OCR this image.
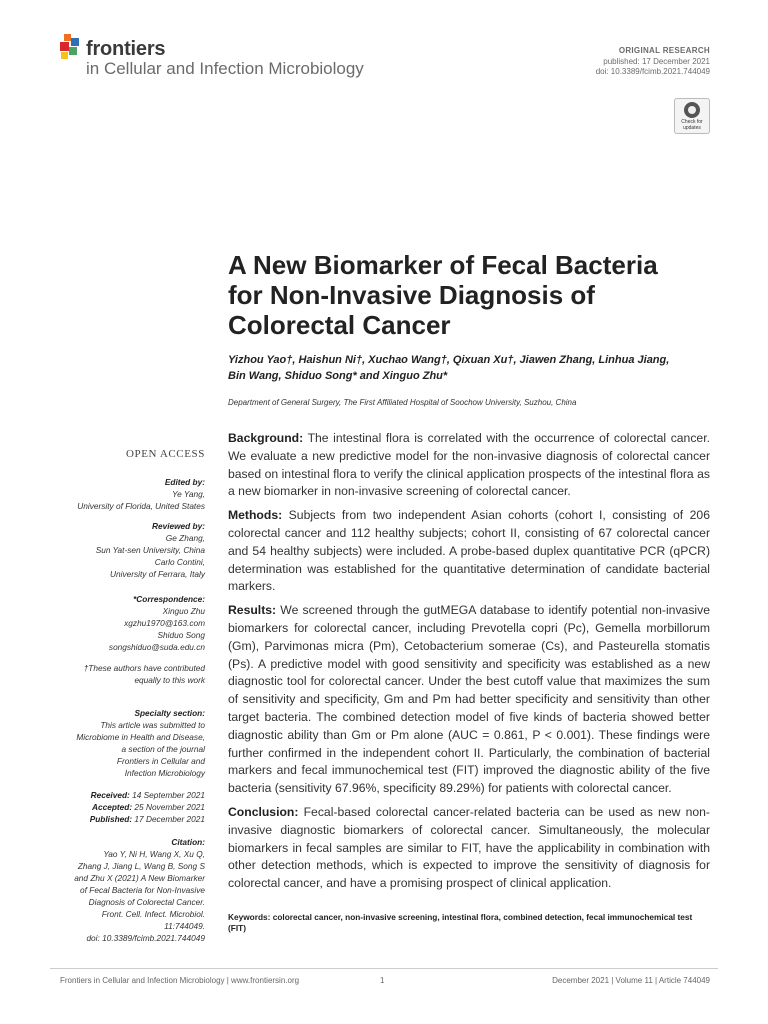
frontiers
in Cellular and Infection Microbiology
ORIGINAL RESEARCH
published: 17 December 2021
doi: 10.3389/fcimb.2021.744049
Check for updates
A New Biomarker of Fecal Bacteria for Non-Invasive Diagnosis of Colorectal Cancer
Yizhou Yao†, Haishun Ni†, Xuchao Wang†, Qixuan Xu†, Jiawen Zhang, Linhua Jiang,
Bin Wang, Shiduo Song* and Xinguo Zhu*
Department of General Surgery, The First Affiliated Hospital of Soochow University, Suzhou, China
OPEN ACCESS
Edited by:
Ye Yang,
University of Florida, United States
Reviewed by:
Ge Zhang,
Sun Yat-sen University, China
Carlo Contini,
University of Ferrara, Italy
*Correspondence:
Xinguo Zhu
xgzhu1970@163.com
Shiduo Song
songshiduo@suda.edu.cn
†These authors have contributed
equally to this work
Specialty section:
This article was submitted to
Microbiome in Health and Disease,
a section of the journal
Frontiers in Cellular and
Infection Microbiology
Received: 14 September 2021
Accepted: 25 November 2021
Published: 17 December 2021
Citation:
Yao Y, Ni H, Wang X, Xu Q,
Zhang J, Jiang L, Wang B, Song S
and Zhu X (2021) A New Biomarker
of Fecal Bacteria for Non-Invasive
Diagnosis of Colorectal Cancer.
Front. Cell. Infect. Microbiol. 11:744049.
doi: 10.3389/fcimb.2021.744049

Background: The intestinal flora is correlated with the occurrence of colorectal cancer. We evaluate a new predictive model for the non-invasive diagnosis of colorectal cancer based on intestinal flora to verify the clinical application prospects of the intestinal flora as a new biomarker in non-invasive screening of colorectal cancer.

Methods: Subjects from two independent Asian cohorts (cohort I, consisting of 206 colorectal cancer and 112 healthy subjects; cohort II, consisting of 67 colorectal cancer and 54 healthy subjects) were included. A probe-based duplex quantitative PCR (qPCR) determination was established for the quantitative determination of candidate bacterial markers.

Results: We screened through the gutMEGA database to identify potential non-invasive biomarkers for colorectal cancer, including Prevotella copri (Pc), Gemella morbillorum (Gm), Parvimonas micra (Pm), Cetobacterium somerae (Cs), and Pasteurella stomatis (Ps). A predictive model with good sensitivity and specificity was established as a new diagnostic tool for colorectal cancer. Under the best cutoff value that maximizes the sum of sensitivity and specificity, Gm and Pm had better specificity and sensitivity than other target bacteria. The combined detection model of five kinds of bacteria showed better diagnostic ability than Gm or Pm alone (AUC = 0.861, P < 0.001). These findings were further confirmed in the independent cohort II. Particularly, the combination of bacterial markers and fecal immunochemical test (FIT) improved the diagnostic ability of the five bacteria (sensitivity 67.96%, specificity 89.29%) for patients with colorectal cancer.

Conclusion: Fecal-based colorectal cancer-related bacteria can be used as new non-invasive diagnostic biomarkers of colorectal cancer. Simultaneously, the molecular biomarkers in fecal samples are similar to FIT, have the applicability in combination with other detection methods, which is expected to improve the sensitivity of diagnosis for colorectal cancer, and have a promising prospect of clinical application.

Keywords: colorectal cancer, non-invasive screening, intestinal flora, combined detection, fecal immunochemical test (FIT)
Frontiers in Cellular and Infection Microbiology | www.frontiersin.org	1	December 2021 | Volume 11 | Article 744049
